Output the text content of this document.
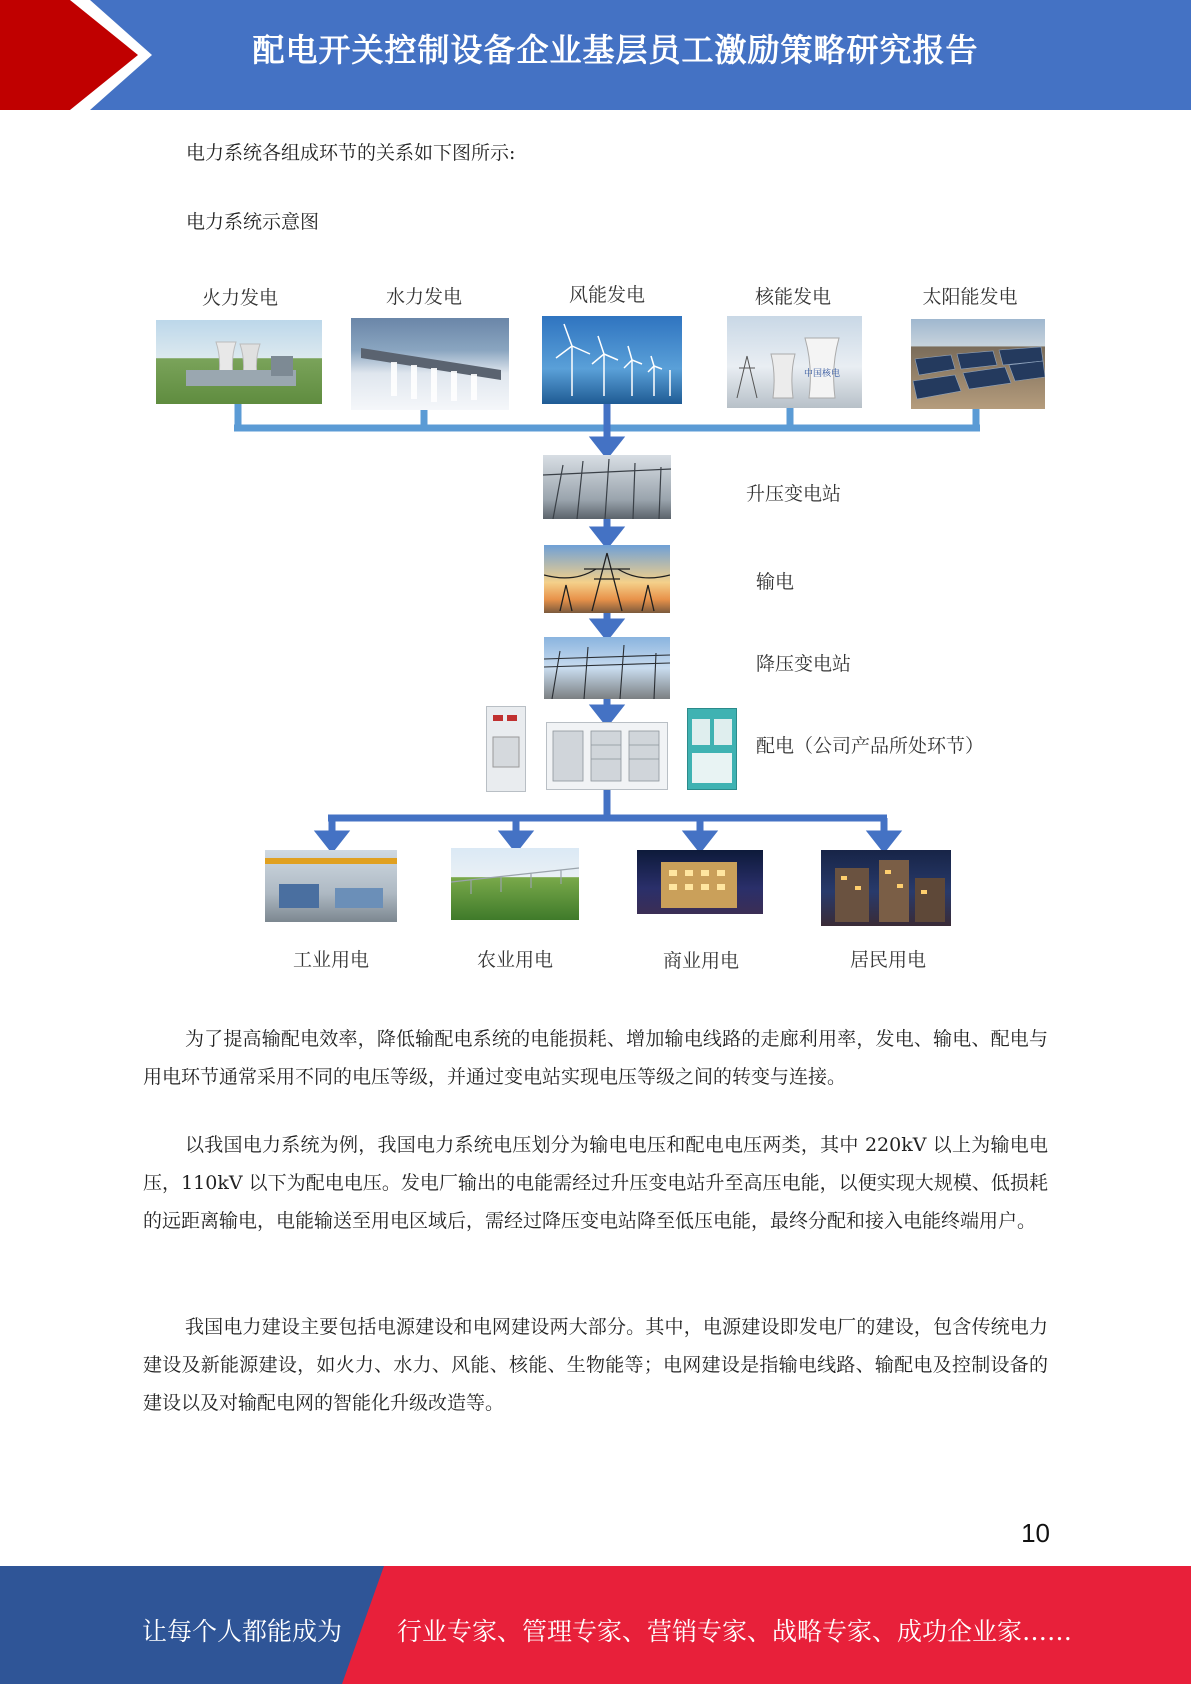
配电开关控制设备企业基层员工激励策略研究报告
电力系统各组成环节的关系如下图所示:
电力系统示意图
火力发电	水力发电	风能发电	核能发电	太阳能发电
中国核电
升压变电站
输电
降压变电站
配电（公司产品所处环节）
工业用电	农业用电	商业用电	居民用电
为了提高输配电效率，降低输配电系统的电能损耗、增加输电线路的走廊利用率，发电、输电、配电与用电环节通常采用不同的电压等级，并通过变电站实现电压等级之间的转变与连接。
以我国电力系统为例，我国电力系统电压划分为输电电压和配电电压两类，其中 220kV 以上为输电电压，110kV 以下为配电电压。发电厂输出的电能需经过升压变电站升至高压电能，以便实现大规模、低损耗的远距离输电，电能输送至用电区域后，需经过降压变电站降至低压电能，最终分配和接入电能终端用户。
我国电力建设主要包括电源建设和电网建设两大部分。其中，电源建设即发电厂的建设，包含传统电力建设及新能源建设，如火力、水力、风能、核能、生物能等；电网建设是指输电线路、输配电及控制设备的建设以及对输配电网的智能化升级改造等。
10
让每个人都能成为 行业专家、管理专家、营销专家、战略专家、成功企业家……
